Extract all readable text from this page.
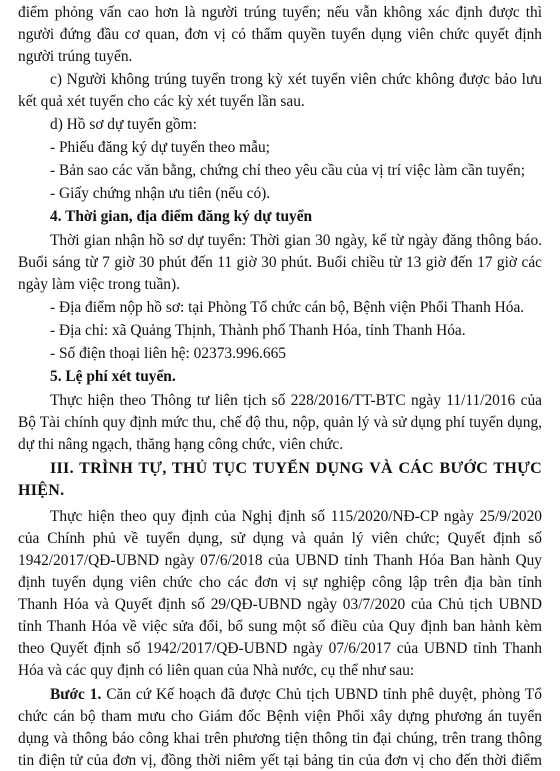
điểm phỏng vấn cao hơn là người trúng tuyển; nếu vẫn không xác định được thì
người đứng đầu cơ quan, đơn vị có thẩm quyền tuyển dụng viên chức quyết định
người trúng tuyển.
c) Người không trúng tuyển trong kỳ xét tuyển viên chức không được bảo lưu
kết quả xét tuyển cho các kỳ xét tuyển lần sau.
d) Hồ sơ dự tuyển gồm:
- Phiếu đăng ký dự tuyển theo mẫu;
- Bản sao các văn bằng, chứng chỉ theo yêu cầu của vị trí việc làm cần tuyển;
- Giấy chứng nhận ưu tiên (nếu có).
4. Thời gian, địa điểm đăng ký dự tuyển
Thời gian nhận hồ sơ dự tuyển: Thời gian 30 ngày, kể từ ngày đăng thông báo.
Buổi sáng từ 7 giờ 30 phút đến 11 giờ 30 phút. Buổi chiều từ 13 giờ đến 17 giờ các
ngày làm việc trong tuần).
- Địa điểm nộp hồ sơ: tại Phòng Tổ chức cán bộ, Bệnh viện Phổi Thanh Hóa.
- Địa chỉ: xã Quảng Thịnh, Thành phố Thanh Hóa, tỉnh Thanh Hóa.
- Số điện thoại liên hệ: 02373.996.665
5. Lệ phí xét tuyển.
Thực hiện theo Thông tư liên tịch số 228/2016/TT-BTC ngày 11/11/2016 của
Bộ Tài chính quy định mức thu, chế độ thu, nộp, quản lý và sử dụng phí tuyển dụng,
dự thi nâng ngạch, thăng hạng công chức, viên chức.
III. TRÌNH TỰ, THỦ TỤC TUYỂN DỤNG VÀ CÁC BƯỚC THỰC
HIỆN.
Thực hiện theo quy định của Nghị định số 115/2020/NĐ-CP ngày 25/9/2020
của Chính phủ về tuyển dụng, sử dụng và quản lý viên chức; Quyết định số
1942/2017/QĐ-UBND ngày 07/6/2018 của UBND tỉnh Thanh Hóa Ban hành Quy
định tuyển dụng viên chức cho các đơn vị sự nghiệp công lập trên địa bàn tỉnh
Thanh Hóa và Quyết định số 29/QĐ-UBND ngày 03/7/2020 của Chủ tịch UBND
tỉnh Thanh Hóa về việc sửa đổi, bổ sung một số điều của Quy định ban hành kèm
theo Quyết định số 1942/2017/QĐ-UBND ngày 07/6/2017 của UBND tỉnh Thanh
Hóa và các quy định có liên quan của Nhà nước, cụ thể như sau:
Bước 1. Căn cứ Kế hoạch đã được Chủ tịch UBND tỉnh phê duyệt, phòng Tổ
chức cán bộ tham mưu cho Giám đốc Bệnh viện Phổi xây dựng phương án tuyển
dụng và thông báo công khai trên phương tiện thông tin đại chúng, trên trang thông
tin điện tử của đơn vị, đồng thời niêm yết tại bảng tin của đơn vị cho đến thời điểm
